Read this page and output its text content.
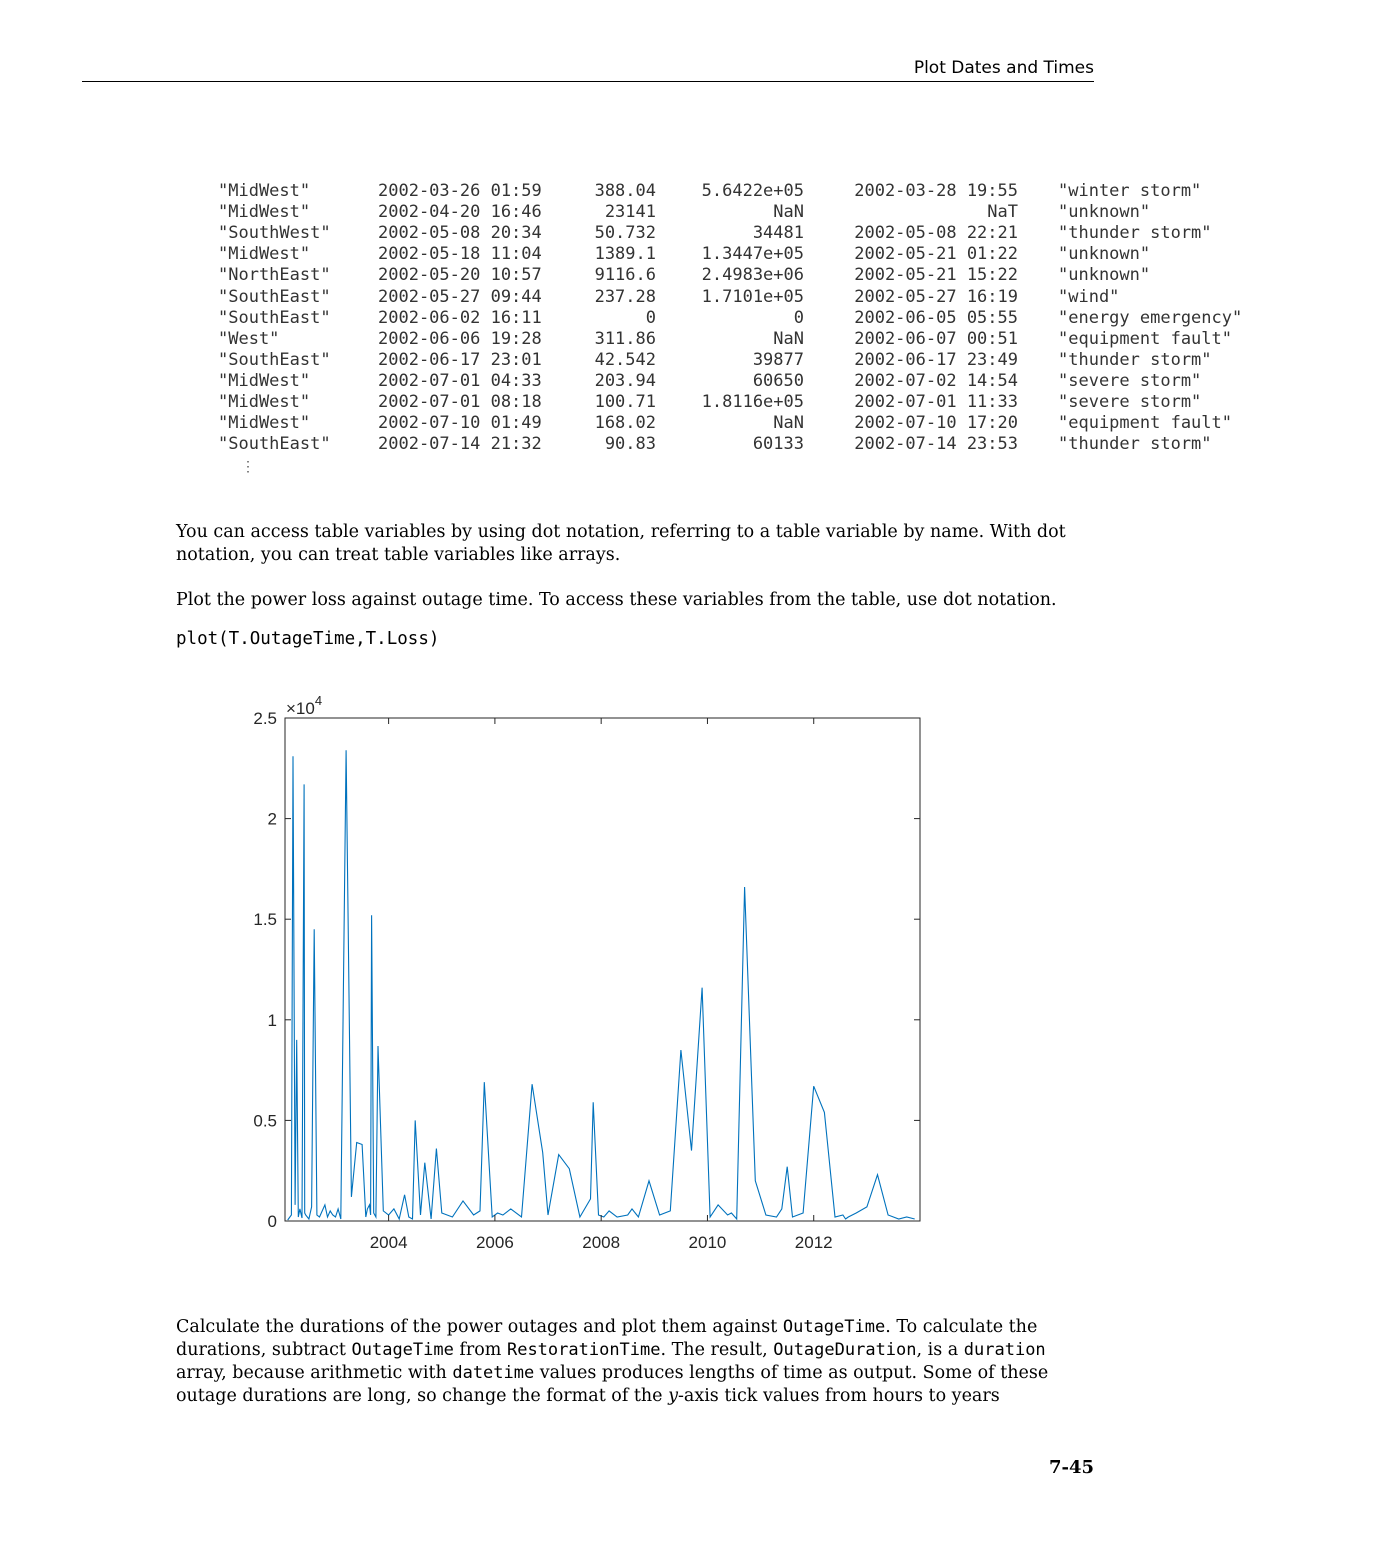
Plot Dates and Times
⋮
"MidWest"	2002-03-26 01:59	388.04	5.6422e+05	2002-03-28 19:55 "winter storm"
"MidWest"	2002-04-20 16:46	23141	NaN	NaT "unknown"
"SouthWest"	2002-05-08 20:34	50.732	34481	2002-05-08 22:21 "thunder storm"
"MidWest"	2002-05-18 11:04	1389.1	1.3447e+05	2002-05-21 01:22 "unknown"
"NorthEast"	2002-05-20 10:57	9116.6	2.4983e+06	2002-05-21 15:22 "unknown"
"SouthEast"	2002-05-27 09:44	237.28	1.7101e+05	2002-05-27 16:19 "wind"
"SouthEast"	2002-06-02 16:11	0	0	2002-06-05 05:55 "energy emergency"
"West"	2002-06-06 19:28	311.86	NaN	2002-06-07 00:51 "equipment fault"
"SouthEast"	2002-06-17 23:01	42.542	39877	2002-06-17 23:49 "thunder storm"
"MidWest"	2002-07-01 04:33	203.94	60650	2002-07-02 14:54 "severe storm"
"MidWest"	2002-07-01 08:18	100.71	1.8116e+05	2002-07-01 11:33 "severe storm"
"MidWest"	2002-07-10 01:49	168.02	NaN	2002-07-10 17:20 "equipment fault"
"SouthEast"	2002-07-14 21:32	90.83	60133	2002-07-14 23:53 "thunder storm"
You can access table variables by using dot notation, referring to a table variable by name. With dot notation, you can treat table variables like arrays.
Plot the power loss against outage time. To access these variables from the table, use dot notation.
plot(T.OutageTime,T.Loss)
0
0.5
1
1.5
2
2.5
2004	2006	2008	2010	2012
$\times 10^4$
Calculate the durations of the power outages and plot them against OutageTime. To calculate the durations, subtract OutageTime from RestorationTime. The result, OutageDuration, is a duration array, because arithmetic with datetime values produces lengths of time as output. Some of these outage durations are long, so change the format of the y-axis tick values from hours to years
7-45
